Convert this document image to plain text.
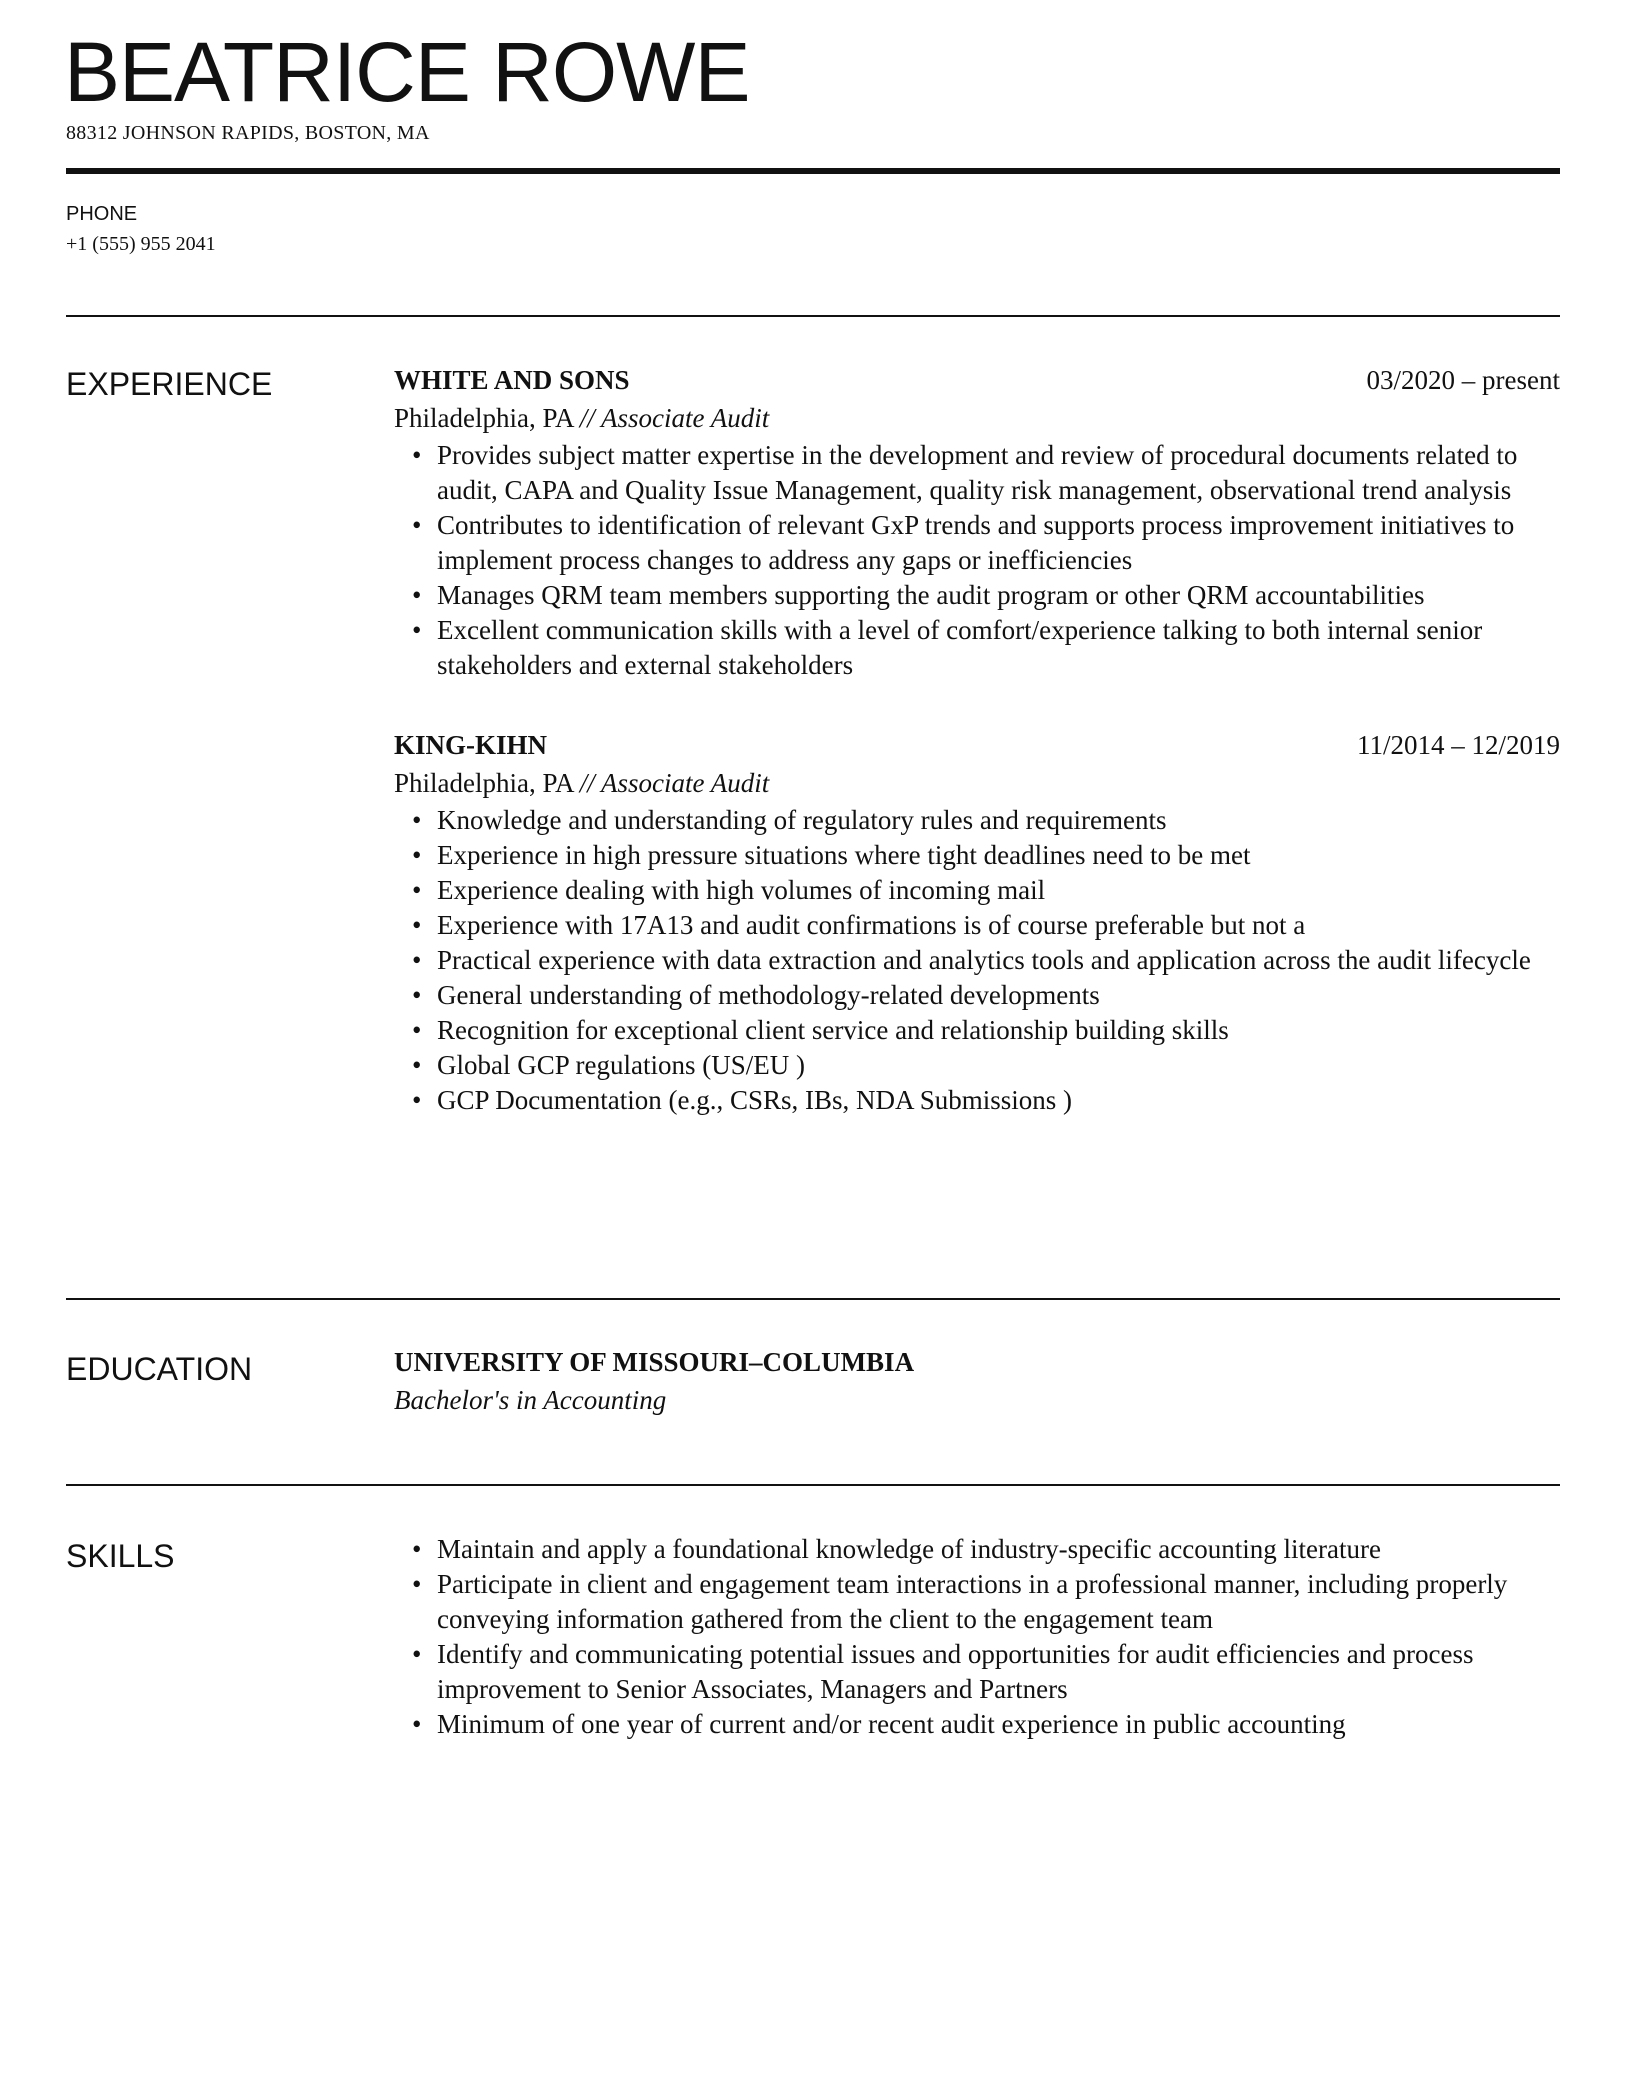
BEATRICE ROWE
88312 JOHNSON RAPIDS, BOSTON, MA
PHONE
+1 (555) 955 2041
EXPERIENCE	WHITE AND SONS	03/2020 – present
Philadelphia, PA // Associate Audit
• Provides subject matter expertise in the development and review of procedural documents related to audit, CAPA and Quality Issue Management, quality risk management, observational trend analysis
• Contributes to identification of relevant GxP trends and supports process improvement initiatives to implement process changes to address any gaps or inefficiencies
• Manages QRM team members supporting the audit program or other QRM accountabilities
• Excellent communication skills with a level of comfort/experience talking to both internal senior stakeholders and external stakeholders
KING-KIHN	11/2014 – 12/2019
Philadelphia, PA // Associate Audit
• Knowledge and understanding of regulatory rules and requirements
• Experience in high pressure situations where tight deadlines need to be met
• Experience dealing with high volumes of incoming mail
• Experience with 17A13 and audit confirmations is of course preferable but not a
• Practical experience with data extraction and analytics tools and application across the audit lifecycle
• General understanding of methodology-related developments
• Recognition for exceptional client service and relationship building skills
• Global GCP regulations (US/EU )
• GCP Documentation (e.g., CSRs, IBs, NDA Submissions )
EDUCATION	UNIVERSITY OF MISSOURI–COLUMBIA
Bachelor's in Accounting
SKILLS	• Maintain and apply a foundational knowledge of industry-specific accounting literature
• Participate in client and engagement team interactions in a professional manner, including properly conveying information gathered from the client to the engagement team
• Identify and communicating potential issues and opportunities for audit efficiencies and process improvement to Senior Associates, Managers and Partners
• Minimum of one year of current and/or recent audit experience in public accounting
